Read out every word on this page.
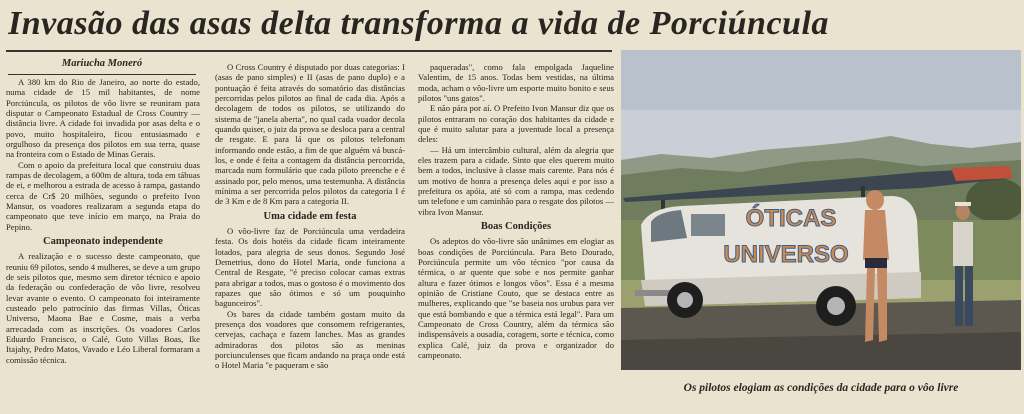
Invasão das asas delta transforma a vida de Porciúncula
Mariucha Moneró

A 380 km do Rio de Janeiro, ao norte do estado, numa cidade de 15 mil habitantes, de nome Porciúncula, os pilotos de vôo livre se reuniram para disputar o Campeonato Estadual de Cross Country — distância livre. A cidade foi invadida por asas delta e o povo, muito hospitaleiro, ficou entusiasmado e orgulhoso da presença dos pilotos em sua terra, quase na fronteira com o Estado de Minas Gerais.

Com o apoio da prefeitura local que construiu duas rampas de decolagem, a 600m de altura, toda em tábuas de ei, e melhorou a estrada de acesso à rampa, gastando cerca de Cr$ 20 milhões, segundo o prefeito Ivon Mansur, os voadores realizaram a segunda etapa do campeonato que teve início em março, na Praia do Pepino.

Campeonato independente

A realização e o sucesso deste campeonato, que reuniu 69 pilotos, sendo 4 mulheres, se deve a um grupo de seis pilotos que, mesmo sem diretor técnico e apoio da federação ou confederação de vôo livre, resolveu levar avante o evento. O campeonato foi inteiramente custeado pelo patrocínio das firmas Villas, Óticas Universo, Maona Bae e Cosme, mais a verba arrecadada com as inscrições. Os voadores Carlos Eduardo Francisco, o Calé, Guto Villas Boas, Ike Itajahy, Pedro Matos, Vavado e Léo Liberal formaram a comissão técnica.

O Cross Country é disputado por duas categorias: I (asas de pano simples) e II (asas de pano duplo) e a pontuação é feita através do somatório das distâncias percorridas pelos pilotos ao final de cada dia. Após a decolagem de todos os pilotos, se utilizando do sistema de "janela aberta", no qual cada voador decola quando quiser, o juiz da prova se desloca para a central de resgate. E para lá que os pilotos telefonam informando onde estão, a fim de que alguém vá buscá-los, e onde é feita a contagem da distância percorrida, marcada num formulário que cada piloto preenche e é assinado por, pelo menos, uma testemunha. A distância mínima a ser percorrida pelos pilotos da categoria I é de 3 Km e de 8 Km para a categoria II.

Uma cidade em festa

O vôo-livre faz de Porciúncula uma verdadeira festa. Os dois hotéis da cidade ficam inteiramente lotados, para alegria de seus donos. Segundo José Demetrius, dono do Hotel Maria, onde funciona a Central de Resgate, "é preciso colocar camas extras para abrigar a todos, mas o gostoso é o movimento dos rapazes que são ótimos e só um pouquinho bagunceiros".

Os bares da cidade também gostam muito da presença dos voadores que consomem refrigerantes, cervejas, cachaça e fazem lanches. Mas as grandes admiradoras dos pilotos são as meninas porciunculenses que ficam andando na praça onde está o Hotel Maria "e paqueram e são

paqueradas", como fala empolgada Jaqueline Valentim, de 15 anos. Todas bem vestidas, na última moda, acham o vôo-livre um esporte muito bonito e seus pilotos "uns gatos".

E não pára por aí. O Prefeito Ivon Mansur diz que os pilotos entraram no coração dos habitantes da cidade e que é muito salutar para a juventude local a presença deles:

— Há um intercâmbio cultural, além da alegria que eles trazem para a cidade. Sinto que eles querem muito bem a todos, inclusive à classe mais carente. Para nós é um motivo de honra a presença deles aqui e por isso a prefeitura os apóia, até só com a rampa, mas cedendo um telefone e um caminhão para o resgate dos pilotos — vibra Ivon Mansur.

Boas Condições

Os adeptos do vôo-livre são unânimes em elogiar as boas condições de Porciúncula. Para Beto Dourado, Porciúncula permite um vôo técnico "por causa da térmica, o ar quente que sobe e nos permite ganhar altura e fazer ótimos e longos vôos". Essa é a mesma opinião de Cristiane Couto, que se destaca entre as mulheres, explicando que "se baseia nos urubus para ver que está bombando e que a térmica está legal". Para um Campeonato de Cross Country, além da térmica são indispensáveis a ousadia, coragem, sorte e técnica, como explica Calé, juiz da prova e organizador do campeonato.

ÓTICAS
UNIVERSO
Os pilotos elogiam as condições da cidade para o vôo livre
